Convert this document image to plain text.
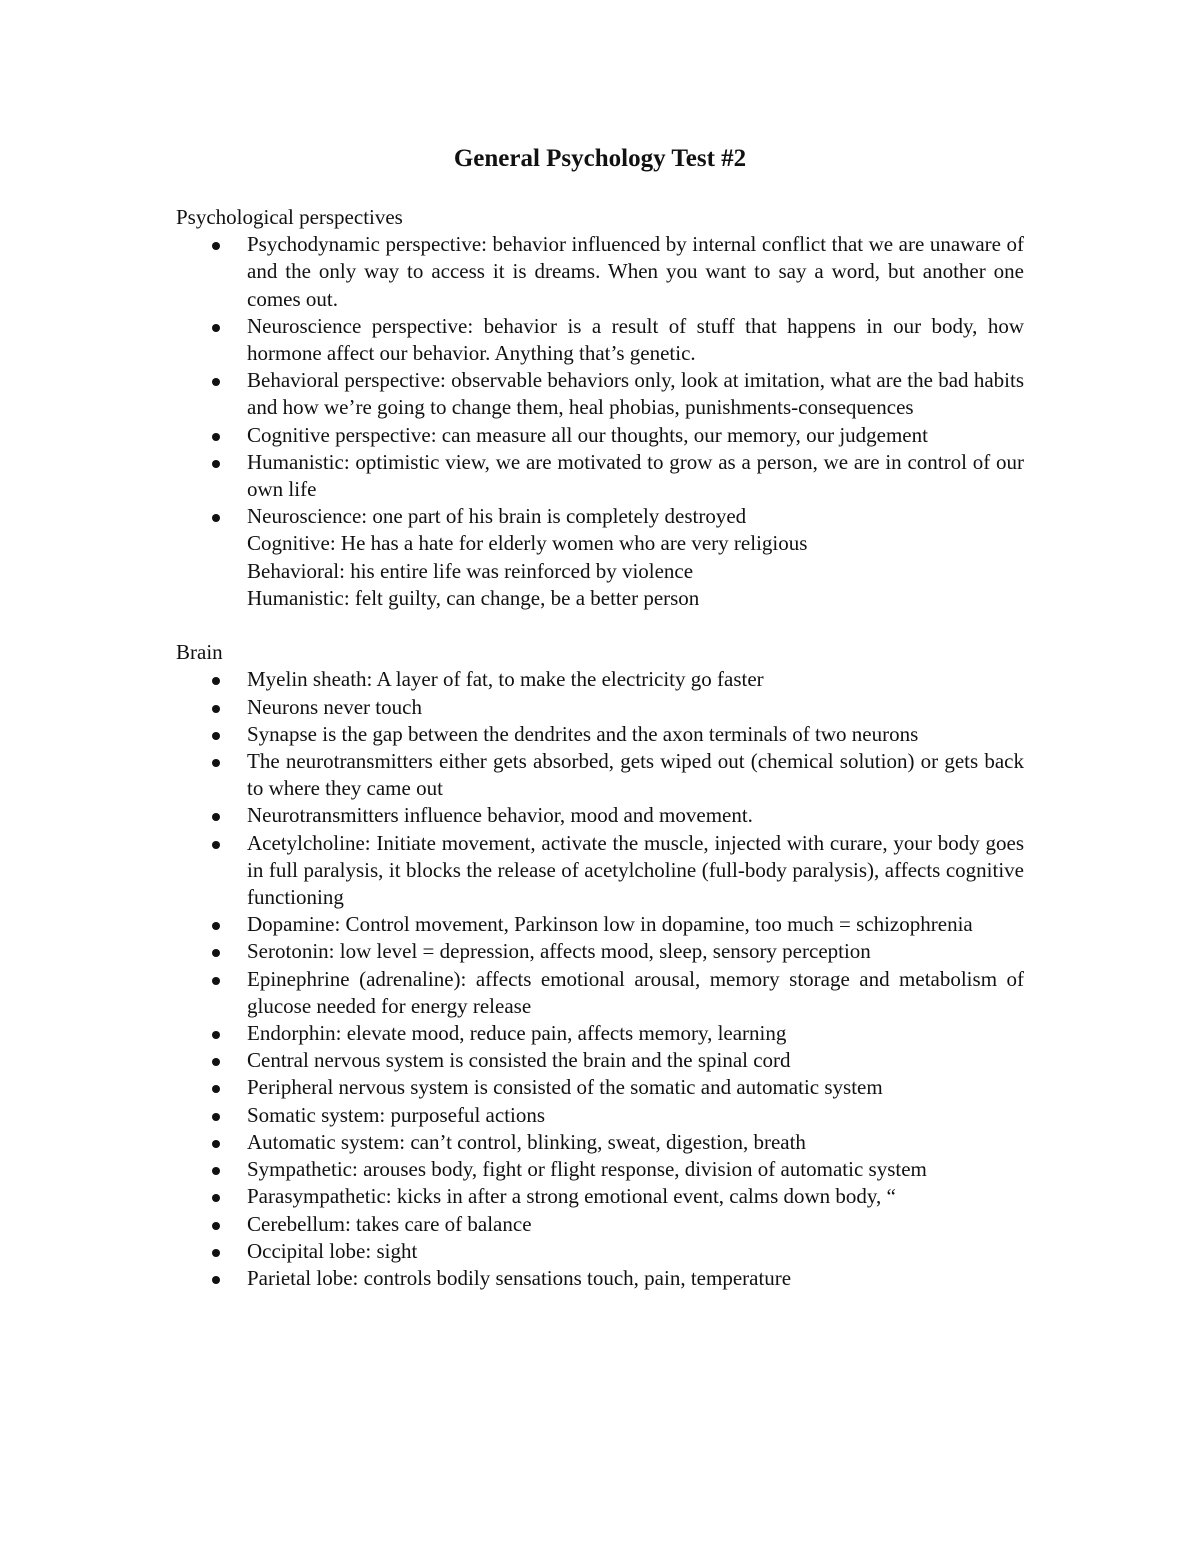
General Psychology Test #2

Psychological perspectives

Psychodynamic perspective: behavior influenced by internal conflict that we are unaware of and the only way to access it is dreams. When you want to say a word, but another one comes out.
Neuroscience perspective: behavior is a result of stuff that happens in our body, how hormone affect our behavior. Anything that’s genetic.
Behavioral perspective: observable behaviors only, look at imitation, what are the bad habits and how we’re going to change them, heal phobias, punishments-consequences
Cognitive perspective: can measure all our thoughts, our memory, our judgement
Humanistic: optimistic view, we are motivated to grow as a person, we are in control of our own life
Neuroscience: one part of his brain is completely destroyed
Cognitive: He has a hate for elderly women who are very religious
Behavioral: his entire life was reinforced by violence
Humanistic: felt guilty, can change, be a better person

Brain

Myelin sheath: A layer of fat, to make the electricity go faster
Neurons never touch
Synapse is the gap between the dendrites and the axon terminals of two neurons
The neurotransmitters either gets absorbed, gets wiped out (chemical solution) or gets back to where they came out
Neurotransmitters influence behavior, mood and movement.
Acetylcholine: Initiate movement, activate the muscle, injected with curare, your body goes in full paralysis, it blocks the release of acetylcholine (full-body paralysis), affects cognitive functioning
Dopamine: Control movement, Parkinson low in dopamine, too much = schizophrenia
Serotonin: low level = depression, affects mood, sleep, sensory perception
Epinephrine (adrenaline): affects emotional arousal, memory storage and metabolism of glucose needed for energy release
Endorphin: elevate mood, reduce pain, affects memory, learning
Central nervous system is consisted the brain and the spinal cord
Peripheral nervous system is consisted of the somatic and automatic system
Somatic system: purposeful actions
Automatic system: can’t control, blinking, sweat, digestion, breath
Sympathetic: arouses body, fight or flight response, division of automatic system
Parasympathetic: kicks in after a strong emotional event, calms down body, “
Cerebellum: takes care of balance
Occipital lobe: sight
Parietal lobe: controls bodily sensations touch, pain, temperature
